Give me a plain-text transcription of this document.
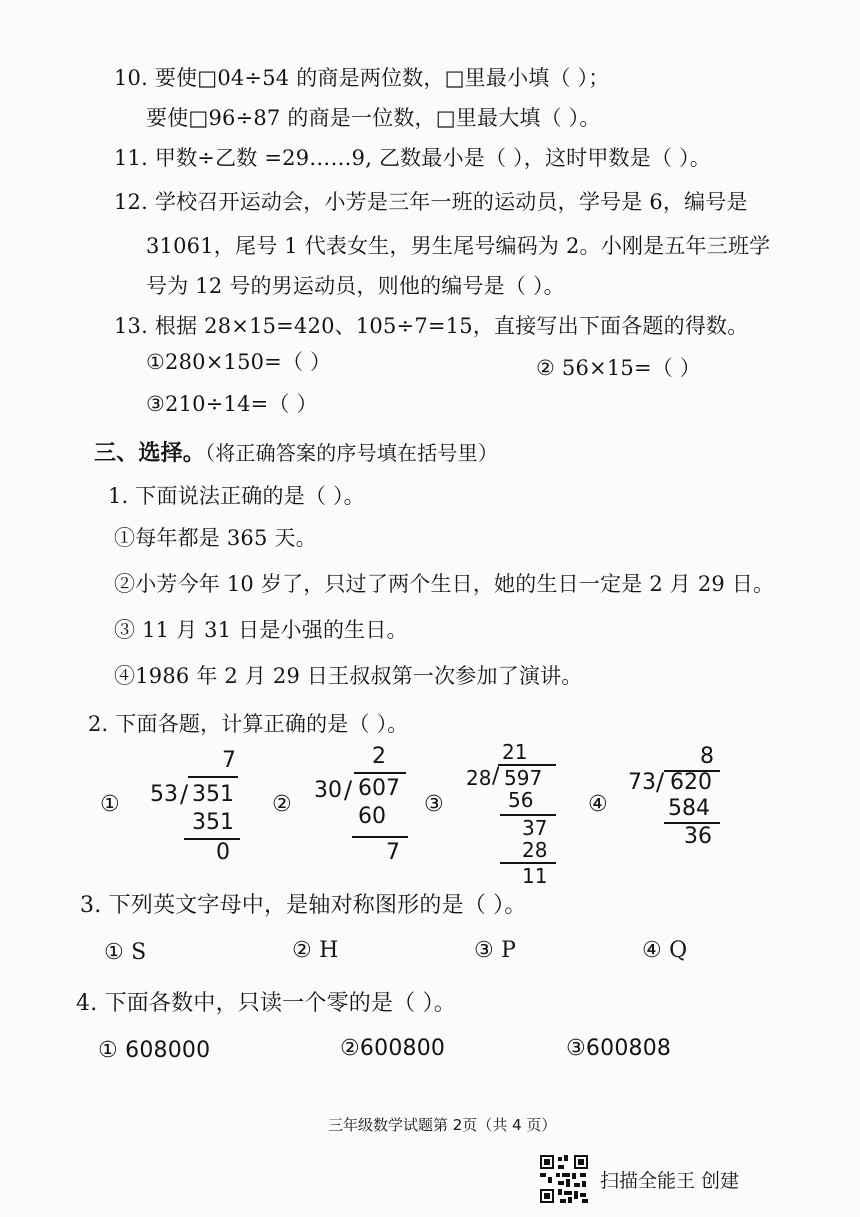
10. 要使□04÷54 的商是两位数，□里最小填（ ）；
要使□96÷87 的商是一位数，□里最大填（ ）。
11. 甲数÷乙数 =29……9, 乙数最小是（ ），这时甲数是（ ）。
12. 学校召开运动会，小芳是三年一班的运动员，学号是 6，编号是
31061，尾号 1 代表女生，男生尾号编码为 2。小刚是五年三班学
号为 12 号的男运动员，则他的编号是（ ）。
13. 根据 28×15=420、105÷7=15，直接写出下面各题的得数。
①280×150=（ ）	② 56×15=（ ）
③210÷14=（ ）
三、选择。（将正确答案的序号填在括号里）
1. 下面说法正确的是（ ）。
①每年都是 365 天。
②小芳今年 10 岁了，只过了两个生日，她的生日一定是 2 月 29 日。
③ 11 月 31 日是小强的生日。
④1986 年 2 月 29 日王叔叔第一次参加了演讲。
2. 下面各题，计算正确的是（ ）。
①	②	③	④
7
53 / 351
351
0
2
30 / 607
60
7
21
28 / 597
56
37
28
11
8
73 / 620
584
36
3. 下列英文字母中，是轴对称图形的是（ ）。
① S	② H	③ P	④ Q
4. 下面各数中，只读一个零的是（ ）。
① 608000	②600800	③600808
三年级数学试题第 2页（共 4 页）
扫描全能王 创建
